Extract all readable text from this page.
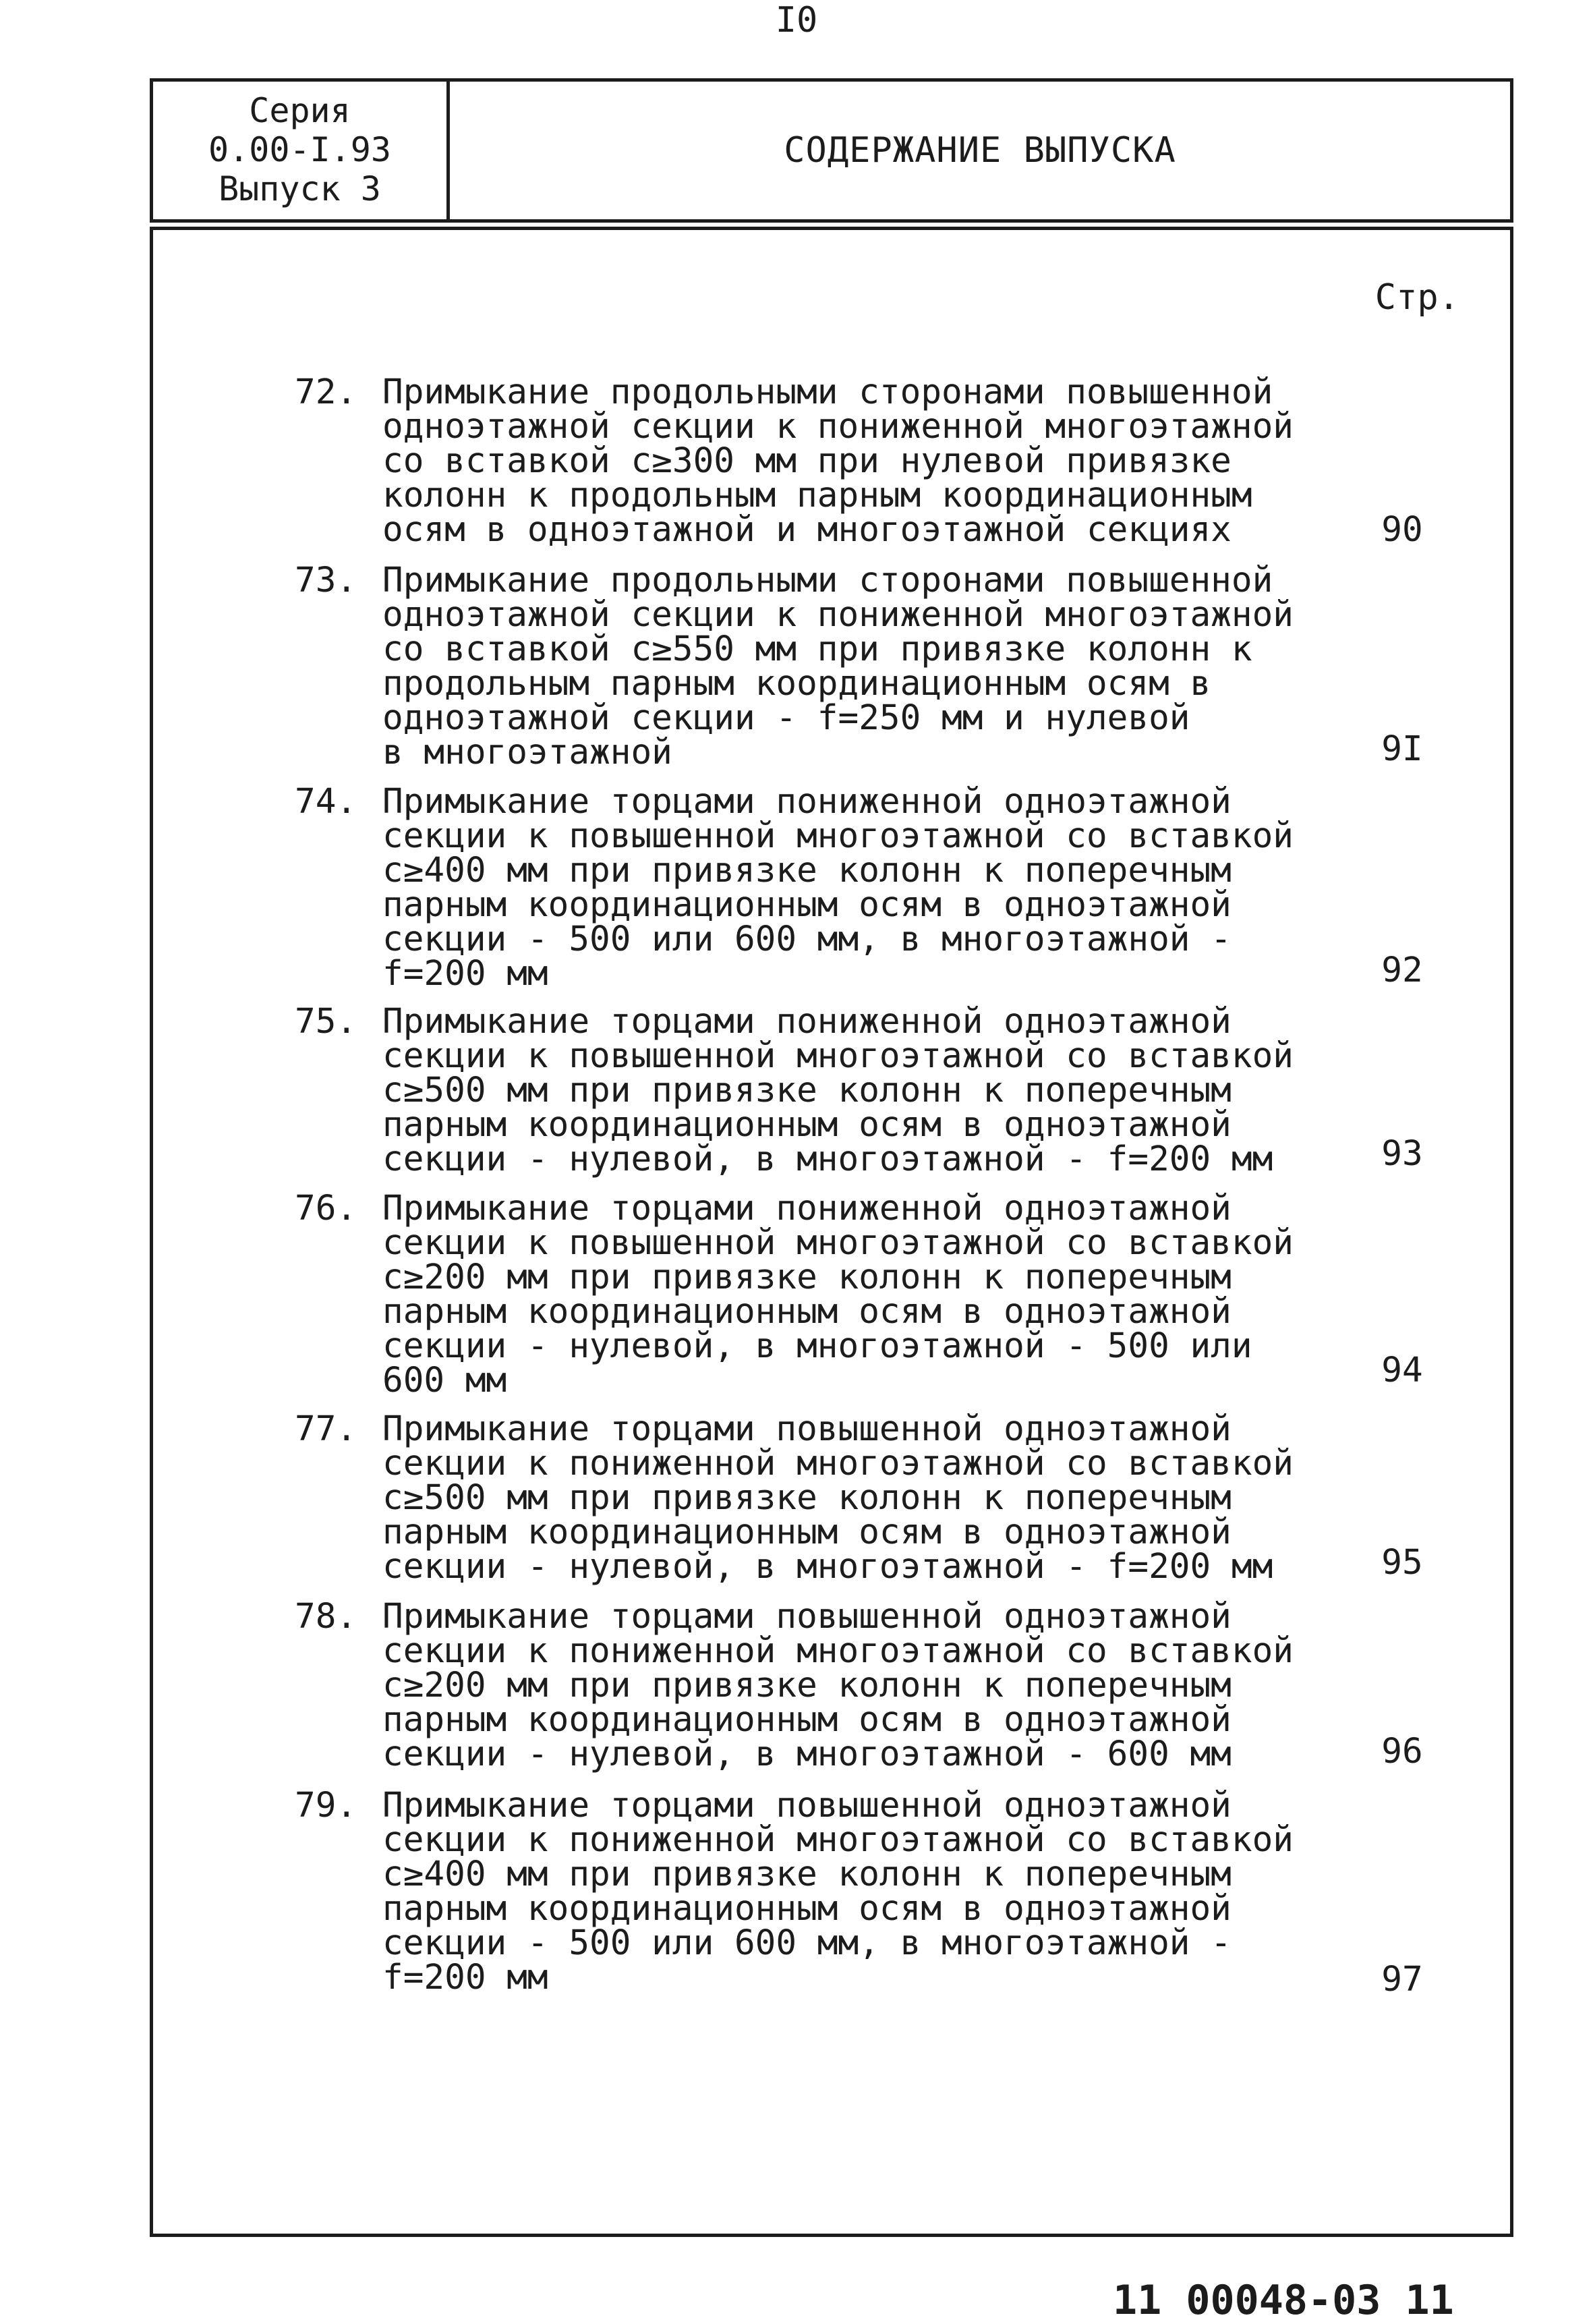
I0
Серия
0.00-I.93
Выпуск 3
СОДЕРЖАНИЕ ВЫПУСКА
Стр.
72. Примыкание продольными сторонами повышенной
одноэтажной секции к пониженной многоэтажной
со вставкой c≥300 мм при нулевой привязке
колонн к продольным парным координационным
осям в одноэтажной и многоэтажной секциях	90
73. Примыкание продольными сторонами повышенной
одноэтажной секции к пониженной многоэтажной
со вставкой c≥550 мм при привязке колонн к
продольным парным координационным осям в
одноэтажной секции - f=250 мм и нулевой
в многоэтажной	9I
74. Примыкание торцами пониженной одноэтажной
секции к повышенной многоэтажной со вставкой
c≥400 мм при привязке колонн к поперечным
парным координационным осям в одноэтажной
секции - 500 или 600 мм, в многоэтажной -
f=200 мм	92
75. Примыкание торцами пониженной одноэтажной
секции к повышенной многоэтажной со вставкой
c≥500 мм при привязке колонн к поперечным
парным координационным осям в одноэтажной
секции - нулевой, в многоэтажной - f=200 мм	93
76. Примыкание торцами пониженной одноэтажной
секции к повышенной многоэтажной со вставкой
c≥200 мм при привязке колонн к поперечным
парным координационным осям в одноэтажной
секции - нулевой, в многоэтажной - 500 или
600 мм	94
77. Примыкание торцами повышенной одноэтажной
секции к пониженной многоэтажной со вставкой
c≥500 мм при привязке колонн к поперечным
парным координационным осям в одноэтажной
секции - нулевой, в многоэтажной - f=200 мм	95
78. Примыкание торцами повышенной одноэтажной
секции к пониженной многоэтажной со вставкой
c≥200 мм при привязке колонн к поперечным
парным координационным осям в одноэтажной
секции - нулевой, в многоэтажной - 600 мм	96
79. Примыкание торцами повышенной одноэтажной
секции к пониженной многоэтажной со вставкой
c≥400 мм при привязке колонн к поперечным
парным координационным осям в одноэтажной
секции - 500 или 600 мм, в многоэтажной -
f=200 мм	97
11 00048-03 11
